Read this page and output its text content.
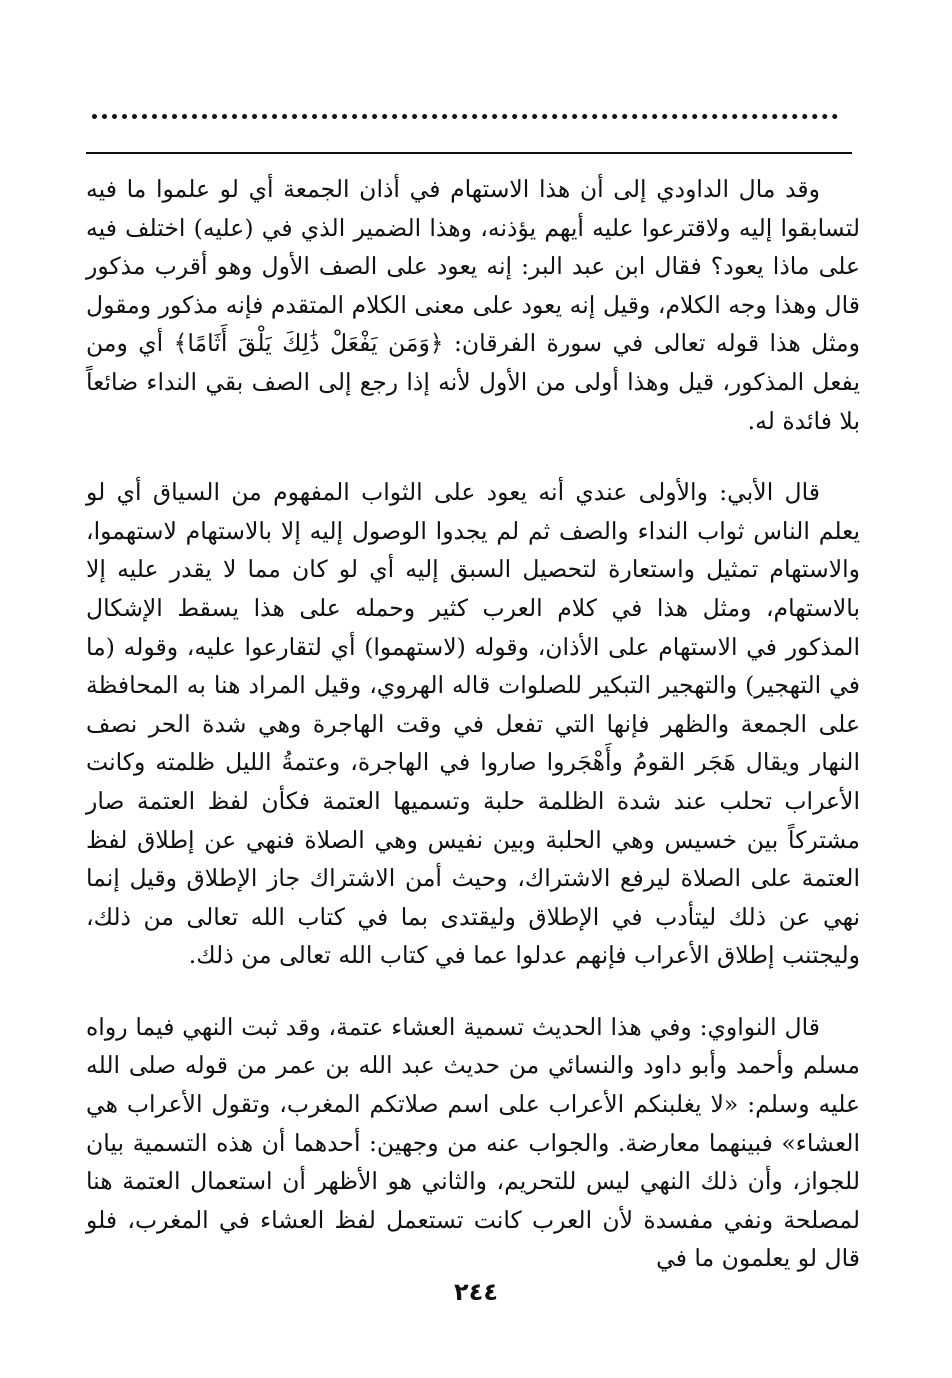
وقد مال الداودي إلى أن هذا الاستهام في أذان الجمعة أي لو علموا ما فيه لتسابقوا إليه ولاقترعوا عليه أيهم يؤذنه، وهذا الضمير الذي في (عليه) اختلف فيه على ماذا يعود؟ فقال ابن عبد البر: إنه يعود على الصف الأول وهو أقرب مذكور قال وهذا وجه الكلام، وقيل إنه يعود على معنى الكلام المتقدم فإنه مذكور ومقول ومثل هذا قوله تعالى في سورة الفرقان: ﴿وَمَن يَفْعَلْ ذَٰلِكَ يَلْقَ أَثَامًا﴾ أي ومن يفعل المذكور، قيل وهذا أولى من الأول لأنه إذا رجع إلى الصف بقي النداء ضائعاً بلا فائدة له.

قال الأبي: والأولى عندي أنه يعود على الثواب المفهوم من السياق أي لو يعلم الناس ثواب النداء والصف ثم لم يجدوا الوصول إليه إلا بالاستهام لاستهموا، والاستهام تمثيل واستعارة لتحصيل السبق إليه أي لو كان مما لا يقدر عليه إلا بالاستهام، ومثل هذا في كلام العرب كثير وحمله على هذا يسقط الإشكال المذكور في الاستهام على الأذان، وقوله (لاستهموا) أي لتقارعوا عليه، وقوله (ما في التهجير) والتهجير التبكير للصلوات قاله الهروي، وقيل المراد هنا به المحافظة على الجمعة والظهر فإنها التي تفعل في وقت الهاجرة وهي شدة الحر نصف النهار ويقال هَجَر القومُ وأَهْجَروا صاروا في الهاجرة، وعتمةُ الليل ظلمته وكانت الأعراب تحلب عند شدة الظلمة حلبة وتسميها العتمة فكأن لفظ العتمة صار مشتركاً بين خسيس وهي الحلبة وبين نفيس وهي الصلاة فنهي عن إطلاق لفظ العتمة على الصلاة ليرفع الاشتراك، وحيث أمن الاشتراك جاز الإطلاق وقيل إنما نهي عن ذلك ليتأدب في الإطلاق وليقتدى بما في كتاب الله تعالى من ذلك، وليجتنب إطلاق الأعراب فإنهم عدلوا عما في كتاب الله تعالى من ذلك.

قال النواوي: وفي هذا الحديث تسمية العشاء عتمة، وقد ثبت النهي فيما رواه مسلم وأحمد وأبو داود والنسائي من حديث عبد الله بن عمر من قوله صلى الله عليه وسلم: «لا يغلبنكم الأعراب على اسم صلاتكم المغرب، وتقول الأعراب هي العشاء» فبينهما معارضة. والجواب عنه من وجهين: أحدهما أن هذه التسمية بيان للجواز، وأن ذلك النهي ليس للتحريم، والثاني هو الأظهر أن استعمال العتمة هنا لمصلحة ونفي مفسدة لأن العرب كانت تستعمل لفظ العشاء في المغرب، فلو قال لو يعلمون ما في

٢٤٤
